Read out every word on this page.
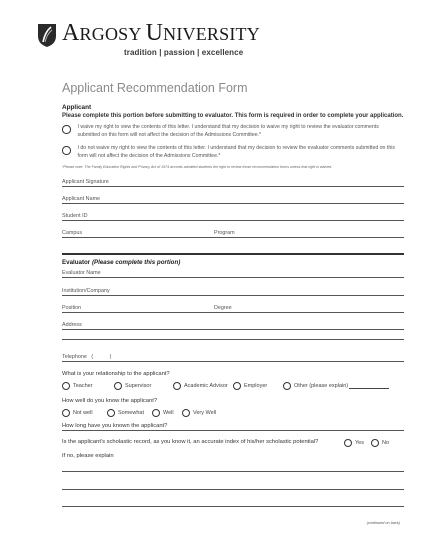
ARGOSY UNIVERSITY
tradition | passion | excellence
Applicant Recommendation Form
Applicant
Please complete this portion before submitting to evaluator. This form is required in order to complete your application.
I waive my right to view the contents of this letter. I understand that my decision to waive my right to review the evaluator comments submitted on this form will not affect the decision of the Admissions Committee.*
I do not waive my right to view the contents of this letter. I understand that my decision to review the evaluator comments submitted on this form will not affect the decision of the Admissions Committee.*
*Please note: The Family Education Rights and Privacy Act of 1974 accords admitted students the right to review those recommendation forms unless that right is waived.
Applicant Signature
Applicant Name
Student ID
Campus	Program
Evaluator (Please complete this portion)
Evaluator Name
Institution/Company
Position	Degree
Address
Telephone   (           )
What is your relationship to the applicant?
Teacher	Supervisor	Academic Advisor	Employer	Other (please explain)
How well do you know the applicant?
Not well	Somewhat	Well	Very Well
How long have you known the applicant?
Is the applicant's scholastic record, as you know it, an accurate index of his/her scholastic potential?	Yes	No
If no, please explain
(continued on back)
